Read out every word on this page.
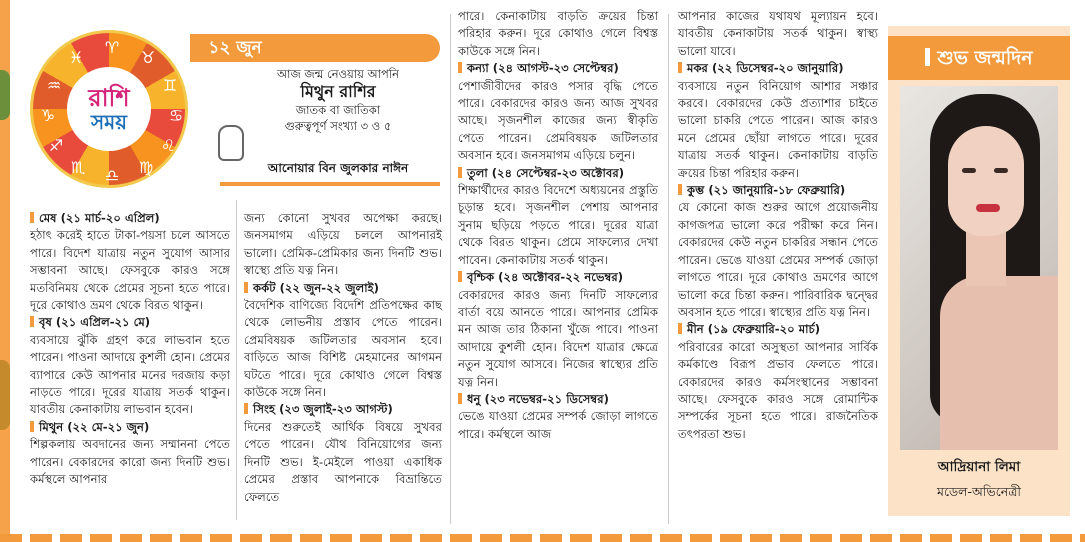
♈
♉
♊
♋
♌
♍
♎
♏
♐
♑
♒
♓
রাশি
সময়
১২ জুন

আজ জন্ম নেওয়ায় আপনি

মিথুন রাশির

জাতক বা জাতিকা

গুরুত্বপূর্ণ সংখ্যা ৩ ও ৫

আনোয়ার বিন জুলকার নাঈন
মেষ (২১ মার্চ-২০ এপ্রিল)

হঠাৎ করেই হাতে টাকা-পয়সা চলে আসতে পারে। বিদেশ যাত্রায় নতুন সুযোগ আসার সম্ভাবনা আছে। ফেসবুকে কারও সঙ্গে মতবিনিময় থেকে প্রেমের সূচনা হতে পারে। দূরে কোথাও ভ্রমণ থেকে বিরত থাকুন।

বৃষ (২১ এপ্রিল-২১ মে)

ব্যবসায়ে ঝুঁকি গ্রহণ করে লাভবান হতে পারেন। পাওনা আদায়ে কুশলী হোন। প্রেমের ব্যাপারে কেউ আপনার মনের দরজায় কড়া নাড়তে পারে। দূরের যাত্রায় সতর্ক থাকুন। যাবতীয় কেনাকাটায় লাভবান হবেন।

মিথুন (২২ মে-২১ জুন)

শিল্পকলায় অবদানের জন্য সম্মাননা পেতে পারেন। বেকারদের কারো জন্য দিনটি শুভ। কর্মস্থলে আপনার

জন্য কোনো সুখবর অপেক্ষা করছে। জনসমাগম এড়িয়ে চললে আপনারই ভালো। প্রেমিক-প্রেমিকার জন্য দিনটি শুভ। স্বাস্থ্যে প্রতি যত্ন নিন।

কর্কট (২২ জুন-২২ জুলাই)

বৈদেশিক বাণিজ্যে বিদেশি প্রতিপক্ষের কাছ থেকে লোভনীয় প্রস্তাব পেতে পারেন। প্রেমবিষয়ক জটিলতার অবসান হবে। বাড়িতে আজ বিশিষ্ট মেহমানের আগমন ঘটতে পারে। দূরে কোথাও গেলে বিশ্বস্ত কাউকে সঙ্গে নিন।

সিংহ (২৩ জুলাই-২৩ আগস্ট)

দিনের শুরুতেই আর্থিক বিষয়ে সুখবর পেতে পারেন। যৌথ বিনিয়োগের জন্য দিনটি শুভ। ই-মেইলে পাওয়া একাধিক প্রেমের প্রস্তাব আপনাকে বিভ্রান্তিতে ফেলতে

পারে। কেনাকাটায় বাড়তি ক্রয়ের চিন্তা পরিহার করুন। দূরে কোথাও গেলে বিশ্বস্ত কাউকে সঙ্গে নিন।

কন্যা (২৪ আগস্ট-২৩ সেপ্টেম্বর)

পেশাজীবীদের কারও পসার বৃদ্ধি পেতে পারে। বেকারদের কারও জন্য আজ সুখবর আছে। সৃজনশীল কাজের জন্য স্বীকৃতি পেতে পারেন। প্রেমবিষয়ক জটিলতার অবসান হবে। জনসমাগম এড়িয়ে চলুন।

তুলা (২৪ সেপ্টেম্বর-২৩ অক্টোবর)

শিক্ষার্থীদের কারও বিদেশে অধ্যয়নের প্রস্তুতি চূড়ান্ত হবে। সৃজনশীল পেশায় আপনার সুনাম ছড়িয়ে পড়তে পারে। দূরের যাত্রা থেকে বিরত থাকুন। প্রেমে সাফল্যের দেখা পাবেন। কেনাকাটায় সতর্ক থাকুন।

বৃশ্চিক (২৪ অক্টোবর-২২ নভেম্বর)

বেকারদের কারও জন্য দিনটি সাফল্যের বার্তা বয়ে আনতে পারে। আপনার প্রেমিক মন আজ তার ঠিকানা খুঁজে পাবে। পাওনা আদায়ে কুশলী হোন। বিদেশ যাত্রার ক্ষেত্রে নতুন সুযোগ আসবে। নিজের স্বাস্থ্যের প্রতি যত্ন নিন।

ধনু (২৩ নভেম্বর-২১ ডিসেম্বর)

ভেঙে যাওয়া প্রেমের সম্পর্ক জোড়া লাগতে পারে। কর্মস্থলে আজ

আপনার কাজের যথাযথ মূল্যায়ন হবে। যাবতীয় কেনাকাটায় সতর্ক থাকুন। স্বাস্থ্য ভালো যাবে।

মকর (২২ ডিসেম্বর-২০ জানুয়ারি)

ব্যবসায়ে নতুন বিনিয়োগ আশার সঞ্চার করবে। বেকারদের কেউ প্রত্যাশার চাইতে ভালো চাকরি পেতে পারেন। আজ কারও মনে প্রেমের ছোঁয়া লাগতে পারে। দূরের যাত্রায় সতর্ক থাকুন। কেনাকাটায় বাড়তি ক্রয়ের চিন্তা পরিহার করুন।

কুম্ভ (২১ জানুয়ারি-১৮ ফেব্রুয়ারি)

যে কোনো কাজ শুরুর আগে প্রয়োজনীয় কাগজপত্র ভালো করে পরীক্ষা করে নিন। বেকারদের কেউ নতুন চাকরির সন্ধান পেতে পারেন। ভেঙে যাওয়া প্রেমের সম্পর্ক জোড়া লাগতে পারে। দূরে কোথাও ভ্রমণের আগে ভালো করে চিন্তা করুন। পারিবারিক দ্বন্দ্বের অবসান হতে পারে। স্বাস্থ্যের প্রতি যত্ন নিন।

মীন (১৯ ফেব্রুয়ারি-২০ মার্চ)

পরিবারের কারো অসুস্থতা আপনার সার্বিক কর্মকাণ্ডে বিরূপ প্রভাব ফেলতে পারে। বেকারদের কারও কর্মসংস্থানের সম্ভাবনা আছে। ফেসবুকে কারও সঙ্গে রোমান্টিক সম্পর্কের সূচনা হতে পারে। রাজনৈতিক তৎপরতা শুভ।

শুভ জন্মদিন
আদ্রিয়ানা লিমা
মডেল-অভিনেত্রী
